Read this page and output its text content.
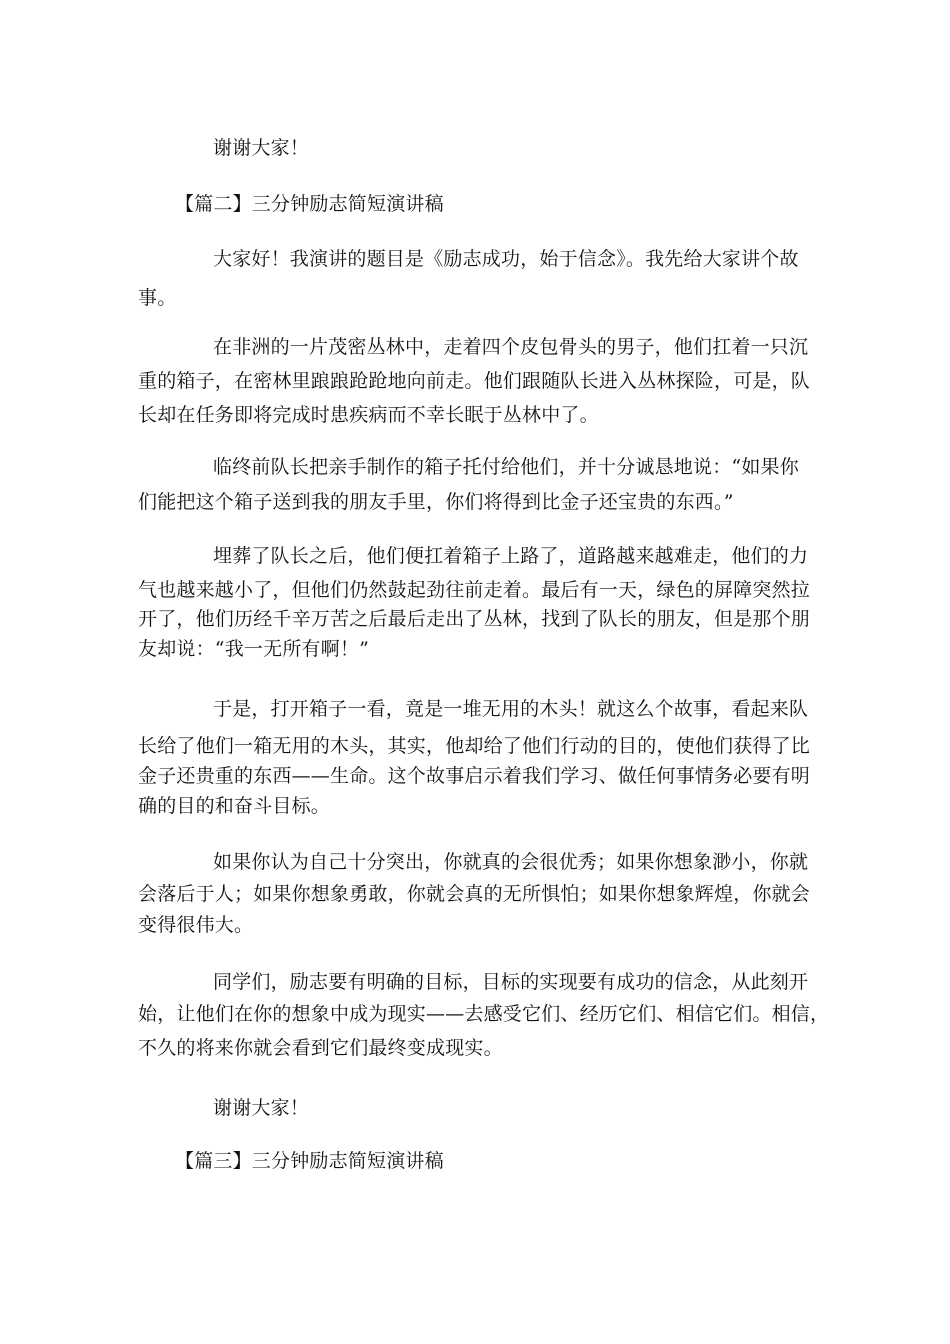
谢谢大家！
【篇二】三分钟励志简短演讲稿
大家好！我演讲的题目是《励志成功，始于信念》。我先给大家讲个故
事。
在非洲的一片茂密丛林中，走着四个皮包骨头的男子，他们扛着一只沉
重的箱子，在密林里踉踉跄跄地向前走。他们跟随队长进入丛林探险，可是，队
长却在任务即将完成时患疾病而不幸长眠于丛林中了。
临终前队长把亲手制作的箱子托付给他们，并十分诚恳地说：“如果你
们能把这个箱子送到我的朋友手里，你们将得到比金子还宝贵的东西。”
埋葬了队长之后，他们便扛着箱子上路了，道路越来越难走，他们的力
气也越来越小了，但他们仍然鼓起劲往前走着。最后有一天，绿色的屏障突然拉
开了，他们历经千辛万苦之后最后走出了丛林，找到了队长的朋友，但是那个朋
友却说：“我一无所有啊！”
于是，打开箱子一看，竟是一堆无用的木头！就这么个故事，看起来队
长给了他们一箱无用的木头，其实，他却给了他们行动的目的，使他们获得了比
金子还贵重的东西——生命。这个故事启示着我们学习、做任何事情务必要有明
确的目的和奋斗目标。
如果你认为自己十分突出，你就真的会很优秀；如果你想象渺小，你就
会落后于人；如果你想象勇敢，你就会真的无所惧怕；如果你想象辉煌，你就会
变得很伟大。
同学们，励志要有明确的目标，目标的实现要有成功的信念，从此刻开
始，让他们在你的想象中成为现实——去感受它们、经历它们、相信它们。相信，
不久的将来你就会看到它们最终变成现实。
谢谢大家！
【篇三】三分钟励志简短演讲稿
